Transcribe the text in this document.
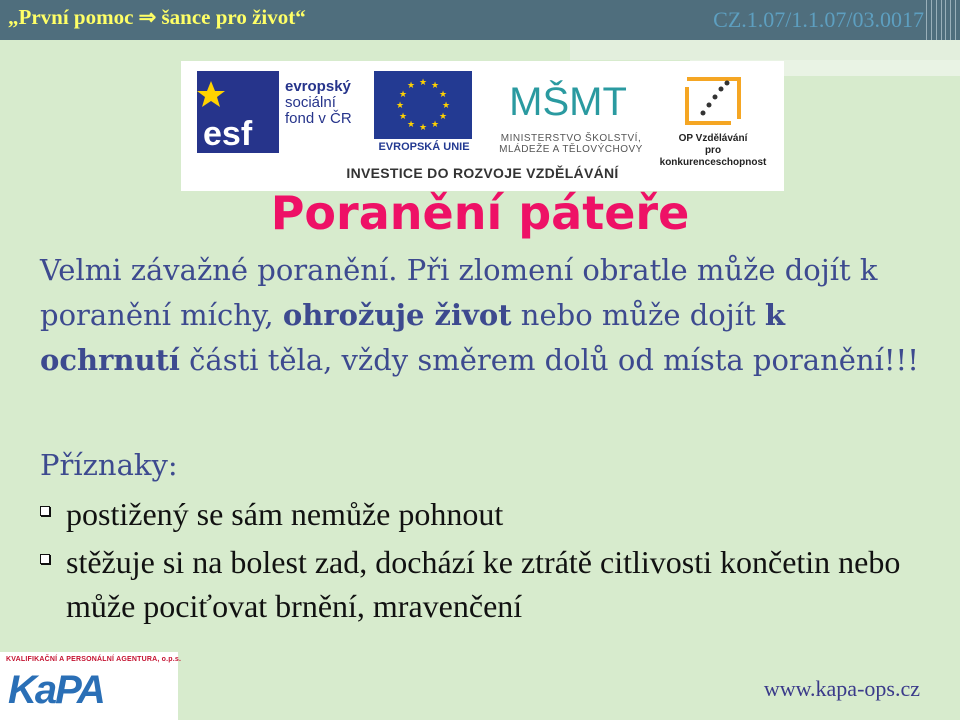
„První pomoc ⇒ šance pro život“	CZ.1.07/1.1.07/03.0017
esf
evropský
sociální
fond v ČR
★ ★
★
★
★
★
★
★
★
★
★
★
EVROPSKÁ UNIE
MŠMT
MINISTERSTVO ŠKOLSTVÍ,
MLÁDEŽE A TĚLOVÝCHOVY
OP Vzdělávání
pro konkurenceschopnost
INVESTICE DO ROZVOJE VZDĚLÁVÁNÍ
Poranění páteře
Velmi závažné poranění. Při zlomení obratle může dojít k poranění míchy, ohrožuje život nebo může dojít k ochrnutí části těla, vždy směrem dolů od místa poranění!!!
Příznaky:
postižený se sám nemůže pohnout
stěžuje si na bolest zad, dochází ke ztrátě citlivosti končetin nebo může pociťovat brnění, mravenčení
KVALIFIKAČNÍ A PERSONÁLNÍ AGENTURA, o.p.s.
KaPA	www.kapa-ops.cz
